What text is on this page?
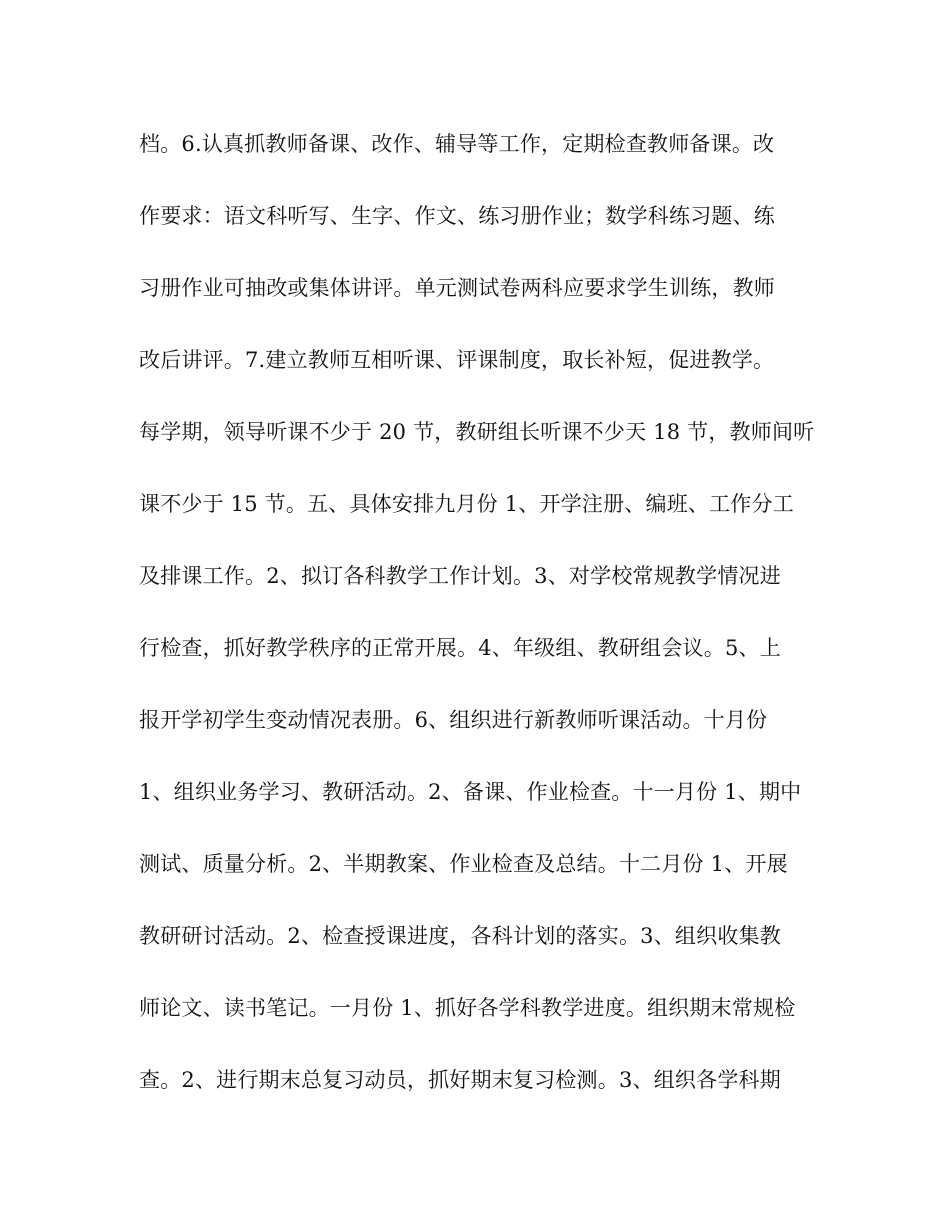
档。6.认真抓教师备课、改作、辅导等工作，定期检查教师备课。改
作要求：语文科听写、生字、作文、练习册作业；数学科练习题、练
习册作业可抽改或集体讲评。单元测试卷两科应要求学生训练，教师
改后讲评。7.建立教师互相听课、评课制度，取长补短，促进教学。
每学期，领导听课不少于 20 节，教研组长听课不少天 18 节，教师间听
课不少于 15 节。五、具体安排九月份 1、开学注册、编班、工作分工
及排课工作。2、拟订各科教学工作计划。3、对学校常规教学情况进
行检查，抓好教学秩序的正常开展。4、年级组、教研组会议。5、上
报开学初学生变动情况表册。6、组织进行新教师听课活动。十月份
1、组织业务学习、教研活动。2、备课、作业检查。十一月份 1、期中
测试、质量分析。2、半期教案、作业检查及总结。十二月份 1、开展
教研研讨活动。2、检查授课进度，各科计划的落实。3、组织收集教
师论文、读书笔记。一月份 1、抓好各学科教学进度。组织期末常规检
查。2、进行期末总复习动员，抓好期末复习检测。3、组织各学科期
